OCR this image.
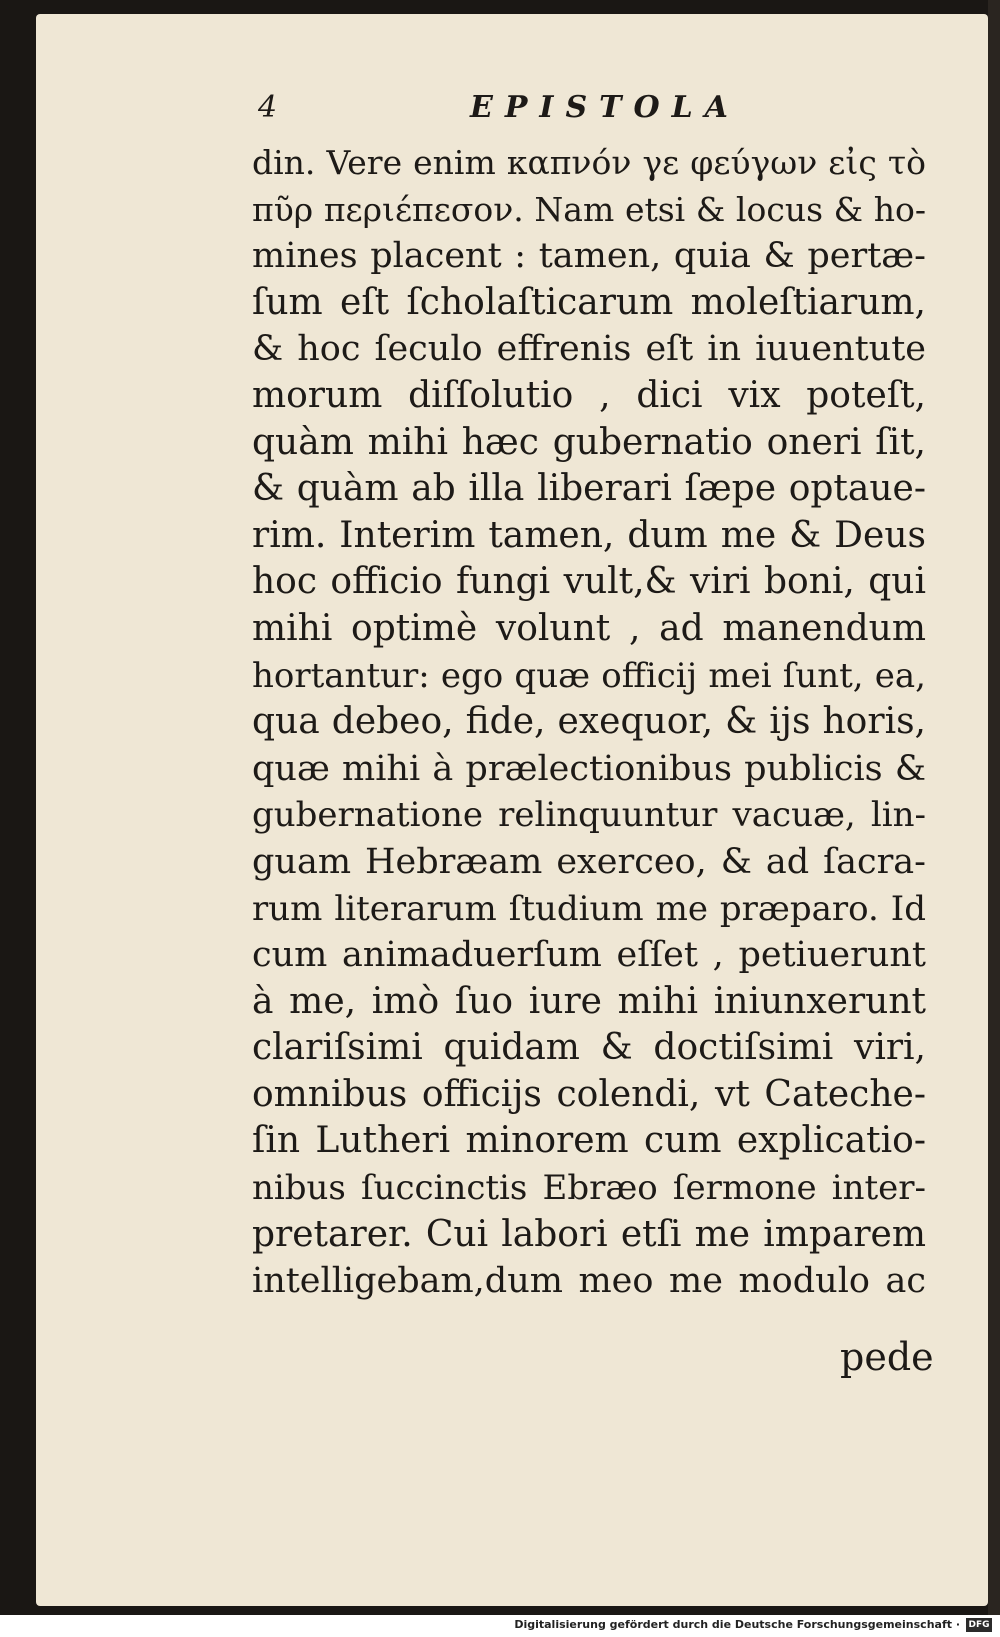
4	EPISTOLA
din. Vere enim καπνόν γε φεύγων εἰς τὸ
πῦρ περιέπεσον. Nam etsi & locus & ho-
mines placent : tamen, quia & pertæ-
ſum eſt ſcholaſticarum moleſtiarum,
& hoc ſeculo effrenis eſt in iuuentute
morum diſſolutio , dici vix poteſt,
quàm mihi hæc gubernatio oneri ſit,
& quàm ab illa liberari ſæpe optaue-
rim. Interim tamen, dum me & Deus
hoc officio fungi vult,& viri boni, qui
mihi optimè volunt , ad manendum
hortantur: ego quæ officij mei ſunt, ea,
qua debeo, fide, exequor, & ijs horis,
quæ mihi à prælectionibus publicis &
gubernatione relinquuntur vacuæ, lin-
guam Hebræam exerceo, & ad ſacra-
rum literarum ſtudium me præparo. Id
cum animaduerſum eſſet , petiuerunt
à me, imò ſuo iure mihi iniunxerunt
clariſsimi quidam & doctiſsimi viri,
omnibus officijs colendi, vt Cateche-
ſin Lutheri minorem cum explicatio-
nibus ſuccinctis Ebræo ſermone inter-
pretarer. Cui labori etſi me imparem
intelligebam,dum meo me modulo ac
pede
Digitalisierung gefördert durch die Deutsche Forschungsgemeinschaft · DFG
